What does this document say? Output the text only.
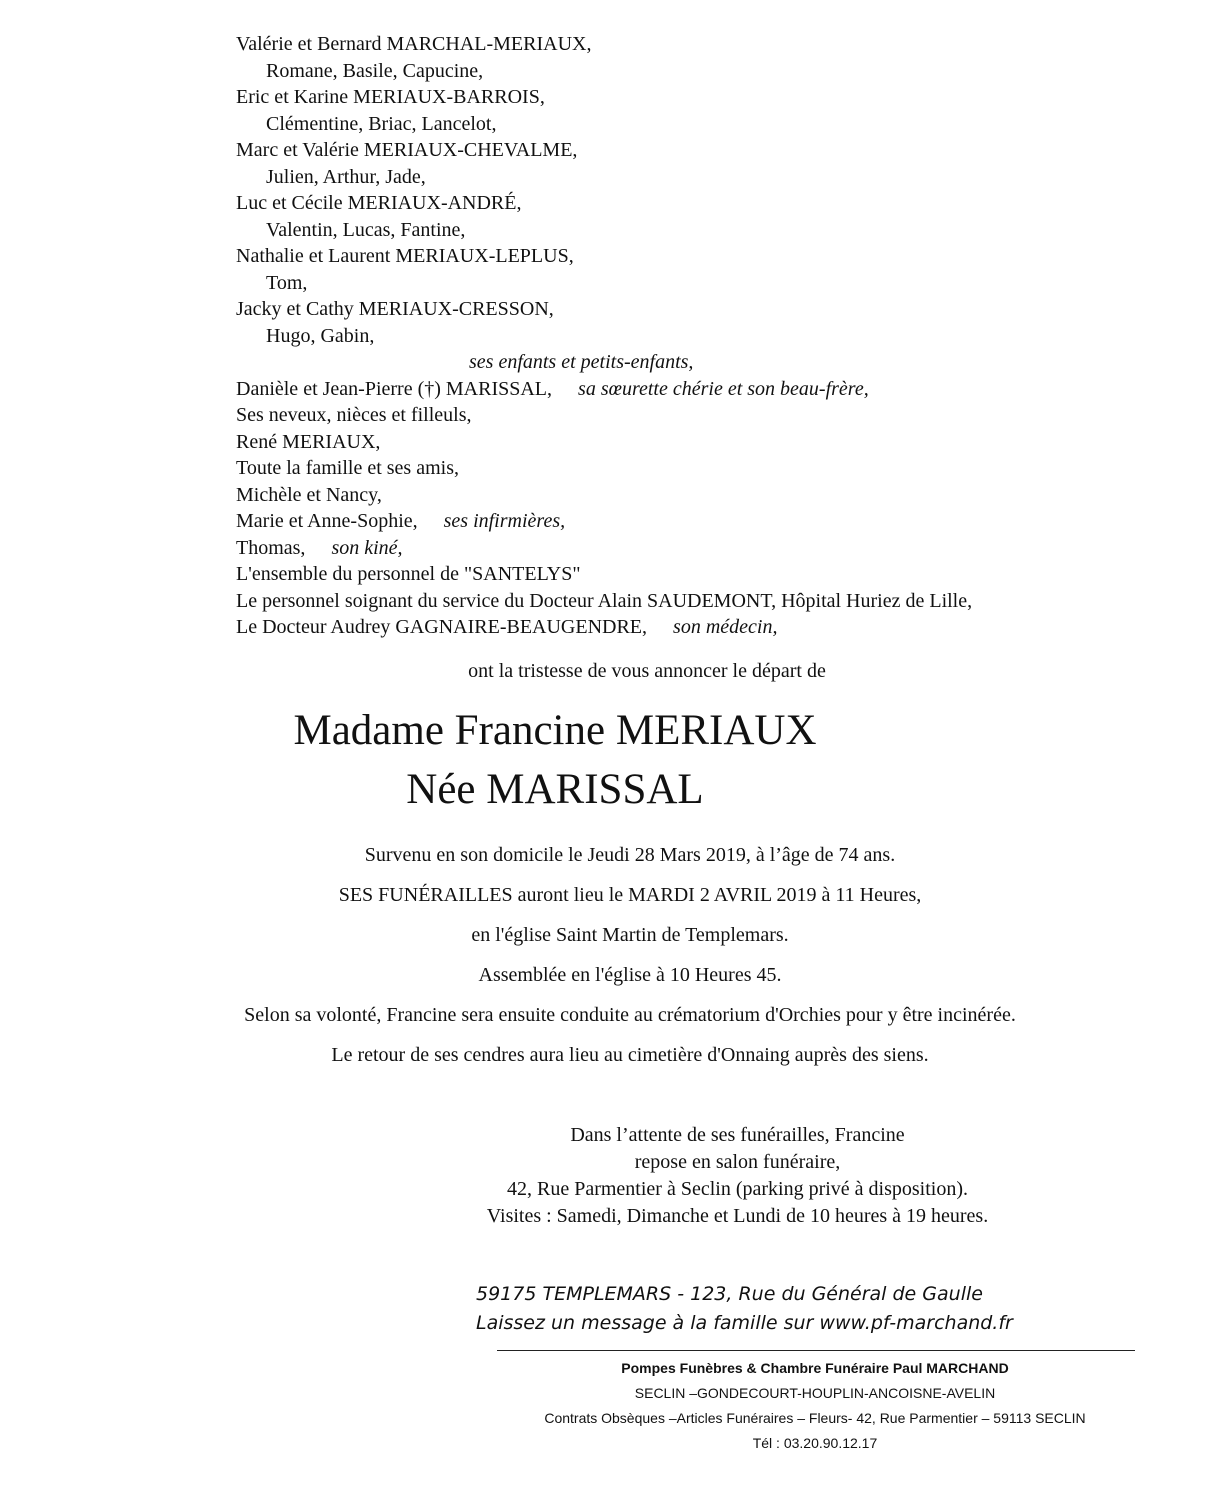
Valérie et Bernard MARCHAL-MERIAUX,
Romane, Basile, Capucine,
Eric et Karine MERIAUX-BARROIS,
Clémentine, Briac, Lancelot,
Marc et Valérie MERIAUX-CHEVALME,
Julien, Arthur, Jade,
Luc et Cécile MERIAUX-ANDRÉ,
Valentin, Lucas, Fantine,
Nathalie et Laurent MERIAUX-LEPLUS,
Tom,
Jacky et Cathy MERIAUX-CRESSON,
Hugo, Gabin,
ses enfants et petits-enfants,
Danièle et Jean-Pierre (†) MARISSAL, sa sœurette chérie et son beau-frère,
Ses neveux, nièces et filleuls,
René MERIAUX,
Toute la famille et ses amis,
Michèle et Nancy,
Marie et Anne-Sophie, ses infirmières,
Thomas, son kiné,
L'ensemble du personnel de "SANTELYS"
Le personnel soignant du service du Docteur Alain SAUDEMONT, Hôpital Huriez de Lille,
Le Docteur Audrey GAGNAIRE-BEAUGENDRE, son médecin,
ont la tristesse de vous annoncer le départ de
Madame Francine MERIAUX
Née MARISSAL
Survenu en son domicile le Jeudi 28 Mars 2019, à l’âge de 74 ans.
SES FUNÉRAILLES auront lieu le MARDI 2 AVRIL 2019 à 11 Heures,
en l'église Saint Martin de Templemars.
Assemblée en l'église à 10 Heures 45.
Selon sa volonté, Francine sera ensuite conduite au crématorium d'Orchies pour y être incinérée.
Le retour de ses cendres aura lieu au cimetière d'Onnaing auprès des siens.
Dans l’attente de ses funérailles, Francine
repose en salon funéraire,
42, Rue Parmentier à Seclin (parking privé à disposition).
Visites : Samedi, Dimanche et Lundi de 10 heures à 19 heures.
59175 TEMPLEMARS - 123, Rue du Général de Gaulle
Laissez un message à la famille sur www.pf-marchand.fr
Pompes Funèbres & Chambre Funéraire Paul MARCHAND
SECLIN –GONDECOURT-HOUPLIN-ANCOISNE-AVELIN
Contrats Obsèques –Articles Funéraires – Fleurs- 42, Rue Parmentier – 59113 SECLIN
Tél : 03.20.90.12.17
